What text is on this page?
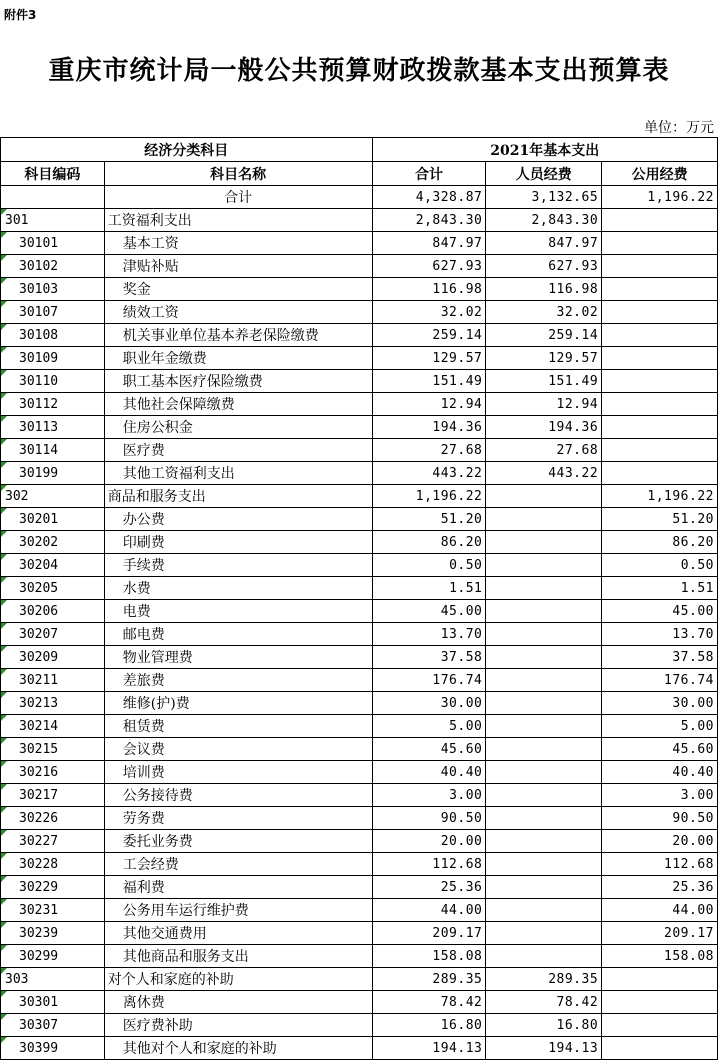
附件3
重庆市统计局一般公共预算财政拨款基本支出预算表
单位：万元
经济分类科目		2021年基本支出		
科目编码	科目名称	合计	人员经费	公用经费
	合计	4,328.87	3,132.65	1,196.22
301	工资福利支出	2,843.30	2,843.30	
30101	基本工资	847.97	847.97	
30102	津贴补贴	627.93	627.93	
30103	奖金	116.98	116.98	
30107	绩效工资	32.02	32.02	
30108	机关事业单位基本养老保险缴费	259.14	259.14	
30109	职业年金缴费	129.57	129.57	
30110	职工基本医疗保险缴费	151.49	151.49	
30112	其他社会保障缴费	12.94	12.94	
30113	住房公积金	194.36	194.36	
30114	医疗费	27.68	27.68	
30199	其他工资福利支出	443.22	443.22	
302	商品和服务支出	1,196.22		1,196.22
30201	办公费	51.20		51.20
30202	印刷费	86.20		86.20
30204	手续费	0.50		0.50
30205	水费	1.51		1.51
30206	电费	45.00		45.00
30207	邮电费	13.70		13.70
30209	物业管理费	37.58		37.58
30211	差旅费	176.74		176.74
30213	维修(护)费	30.00		30.00
30214	租赁费	5.00		5.00
30215	会议费	45.60		45.60
30216	培训费	40.40		40.40
30217	公务接待费	3.00		3.00
30226	劳务费	90.50		90.50
30227	委托业务费	20.00		20.00
30228	工会经费	112.68		112.68
30229	福利费	25.36		25.36
30231	公务用车运行维护费	44.00		44.00
30239	其他交通费用	209.17		209.17
30299	其他商品和服务支出	158.08		158.08
303	对个人和家庭的补助	289.35	289.35	
30301	离休费	78.42	78.42	
30307	医疗费补助	16.80	16.80	
30399	其他对个人和家庭的补助	194.13	194.13	
